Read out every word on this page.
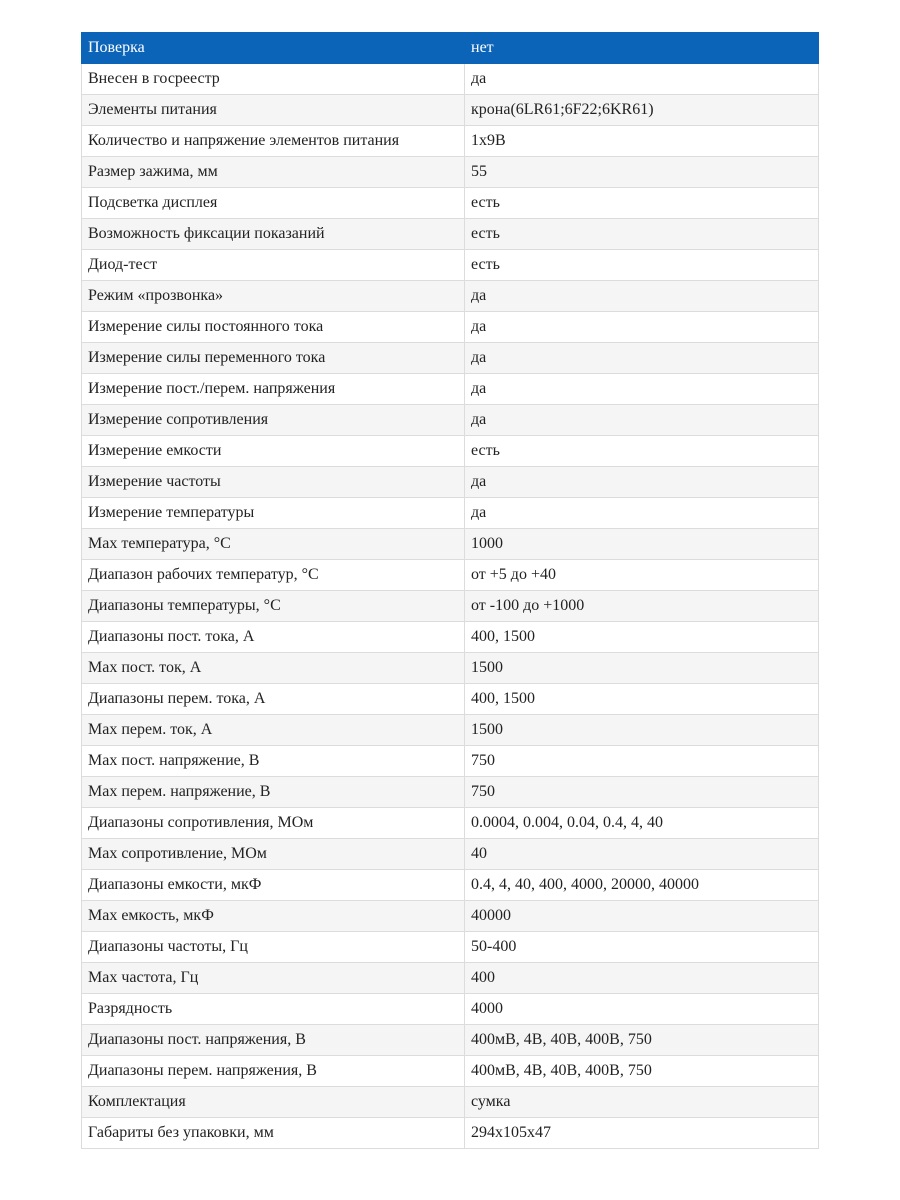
Поверка	нет
Внесен в госреестр	да
Элементы питания	крона(6LR61;6F22;6KR61)
Количество и напряжение элементов питания	1x9В
Размер зажима, мм	55
Подсветка дисплея	есть
Возможность фиксации показаний	есть
Диод-тест	есть
Режим «прозвонка»	да
Измерение силы постоянного тока	да
Измерение силы переменного тока	да
Измерение пост./перем. напряжения	да
Измерение сопротивления	да
Измерение емкости	есть
Измерение частоты	да
Измерение температуры	да
Max температура, °С	1000
Диапазон рабочих температур, °С	от +5 до +40
Диапазоны температуры, °С	от -100 до +1000
Диапазоны пост. тока, А	400, 1500
Max пост. ток, А	1500
Диапазоны перем. тока, А	400, 1500
Max перем. ток, А	1500
Max пост. напряжение, В	750
Max перем. напряжение, В	750
Диапазоны сопротивления, МОм	0.0004, 0.004, 0.04, 0.4, 4, 40
Max сопротивление, МОм	40
Диапазоны емкости, мкФ	0.4, 4, 40, 400, 4000, 20000, 40000
Max емкость, мкФ	40000
Диапазоны частоты, Гц	50-400
Max частота, Гц	400
Разрядность	4000
Диапазоны пост. напряжения, В	400мВ, 4В, 40В, 400В, 750
Диапазоны перем. напряжения, В	400мВ, 4В, 40В, 400В, 750
Комплектация	сумка
Габариты без упаковки, мм	294x105x47
